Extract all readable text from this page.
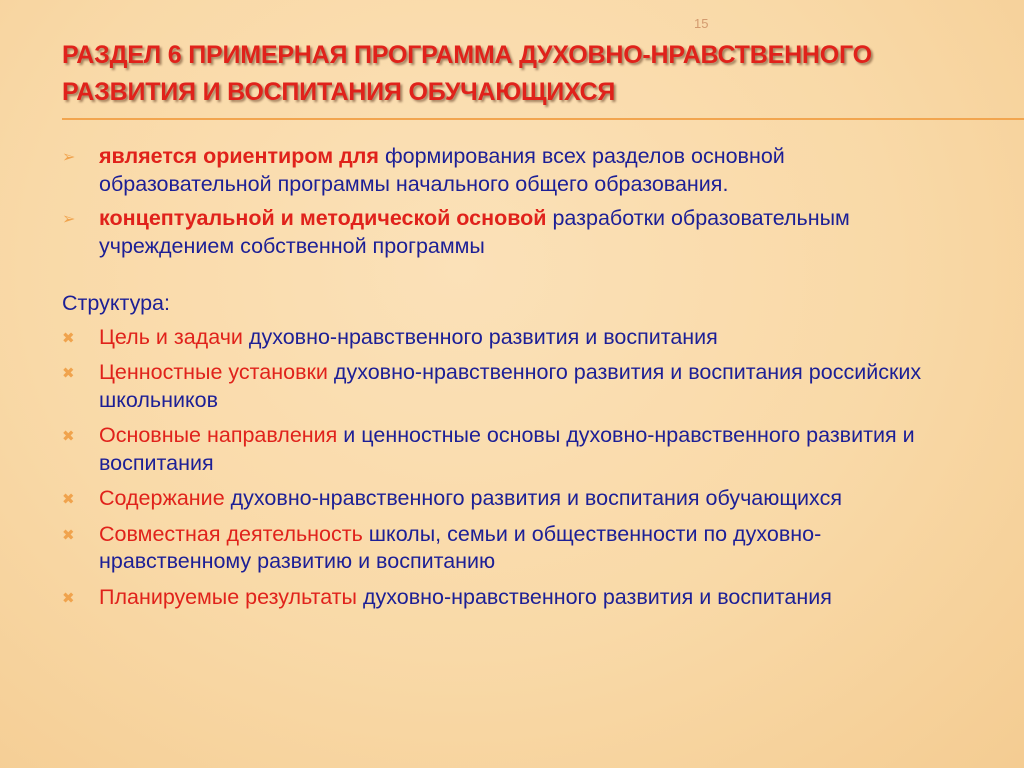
15
РАЗДЕЛ 6 ПРИМЕРНАЯ ПРОГРАММА ДУХОВНО-НРАВСТВЕННОГО
РАЗВИТИЯ И ВОСПИТАНИЯ ОБУЧАЮЩИХСЯ
➢ является ориентиром для формирования всех разделов основной образовательной программы начального общего образования.
➢ концептуальной и методической основой разработки образовательным учреждением собственной программы
Структура:
✖ Цель и задачи духовно-нравственного развития и воспитания
✖ Ценностные установки духовно-нравственного развития и воспитания российских школьников
✖ Основные направления и ценностные основы духовно-нравственного развития и воспитания
✖ Содержание духовно-нравственного развития и воспитания обучающихся
✖ Совместная деятельность школы, семьи и общественности по духовно-нравственному развитию и воспитанию
✖ Планируемые результаты духовно-нравственного развития и воспитания
